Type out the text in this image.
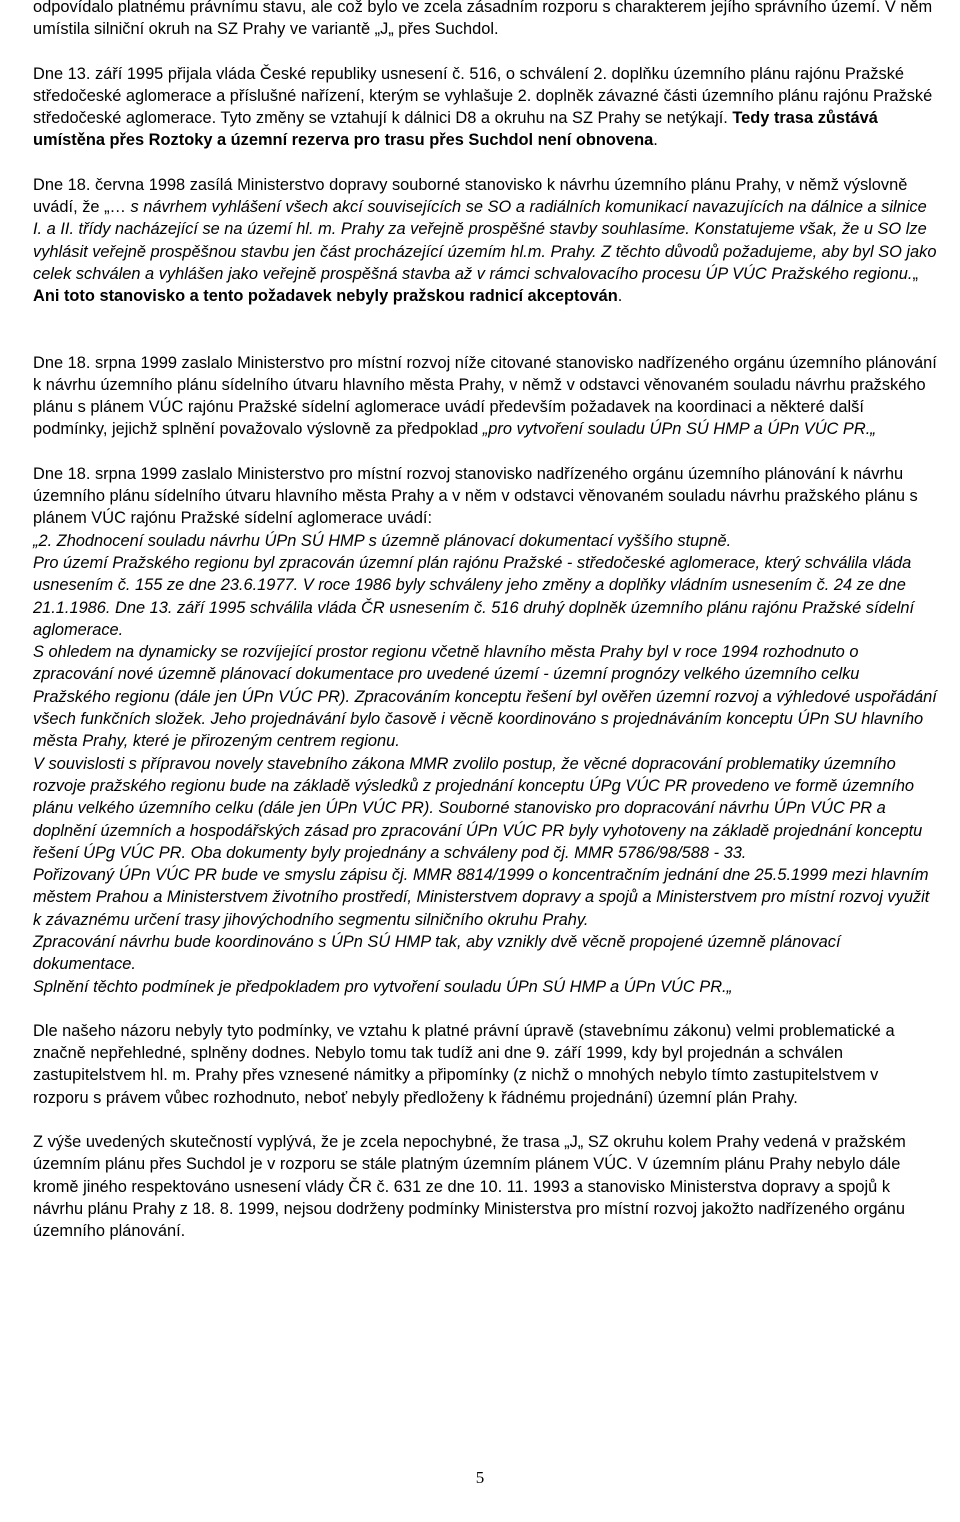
odpovídalo platnému právnímu stavu, ale což bylo ve zcela zásadním rozporu s charakterem jejího správního území. V něm umístila silniční okruh na SZ Prahy ve variantě „J„ přes Suchdol.

Dne 13. září 1995 přijala vláda České republiky usnesení č. 516, o schválení 2. doplňku územního plánu rajónu Pražské středočeské aglomerace a příslušné nařízení, kterým se vyhlašuje 2. doplněk závazné části územního plánu rajónu Pražské středočeské aglomerace. Tyto změny se vztahují k dálnici D8 a okruhu na SZ Prahy se netýkají. Tedy trasa zůstává umístěna přes Roztoky a územní rezerva pro trasu přes Suchdol není obnovena.

Dne 18. června 1998 zasílá Ministerstvo dopravy souborné stanovisko k návrhu územního plánu Prahy, v němž výslovně uvádí, že „… s návrhem vyhlášení všech akcí souvisejících se SO a radiálních komunikací navazujících na dálnice a silnice I. a II. třídy nacházející se na území hl. m. Prahy za veřejně prospěšné stavby souhlasíme. Konstatujeme však, že u SO lze vyhlásit veřejně prospěšnou stavbu jen část procházející územím hl.m. Prahy. Z těchto důvodů požadujeme, aby byl SO jako celek schválen a vyhlášen jako veřejně prospěšná stavba až v rámci schvalovacího procesu ÚP VÚC Pražského regionu.„ Ani toto stanovisko a tento požadavek nebyly pražskou radnicí akceptován.

Dne 18. srpna 1999 zaslalo Ministerstvo pro místní rozvoj níže citované stanovisko nadřízeného orgánu územního plánování k návrhu územního plánu sídelního útvaru hlavního města Prahy, v němž v odstavci věnovaném souladu návrhu pražského plánu s plánem VÚC rajónu Pražské sídelní aglomerace uvádí především požadavek na koordinaci a některé další podmínky, jejichž splnění považovalo výslovně za předpoklad „pro vytvoření souladu ÚPn SÚ HMP a ÚPn VÚC PR.„

Dne 18. srpna 1999 zaslalo Ministerstvo pro místní rozvoj stanovisko nadřízeného orgánu územního plánování k návrhu územního plánu sídelního útvaru hlavního města Prahy a v něm v odstavci věnovaném souladu návrhu pražského plánu s plánem VÚC rajónu Pražské sídelní aglomerace uvádí:
„2. Zhodnocení souladu návrhu ÚPn SÚ HMP s územně plánovací dokumentací vyššího stupně.
Pro území Pražského regionu byl zpracován územní plán rajónu Pražské - středočeské aglomerace, který schválila vláda usnesením č. 155 ze dne 23.6.1977. V roce 1986 byly schváleny jeho změny a doplňky vládním usnesením č. 24 ze dne 21.1.1986. Dne 13. září 1995 schválila vláda ČR usnesením č. 516 druhý doplněk územního plánu rajónu Pražské sídelní aglomerace.
S ohledem na dynamicky se rozvíjející prostor regionu včetně hlavního města Prahy byl v roce 1994 rozhodnuto o zpracování nové územně plánovací dokumentace pro uvedené území - územní prognózy velkého územního celku Pražského regionu (dále jen ÚPn VÚC PR). Zpracováním konceptu řešení byl ověřen územní rozvoj a výhledové uspořádání všech funkčních složek. Jeho projednávání bylo časově i věcně koordinováno s projednáváním konceptu ÚPn SU hlavního města Prahy, které je přirozeným centrem regionu.
V souvislosti s přípravou novely stavebního zákona MMR zvolilo postup, že věcné dopracování problematiky územního rozvoje pražského regionu bude na základě výsledků z projednání konceptu ÚPg VÚC PR provedeno ve formě územního plánu velkého územního celku (dále jen ÚPn VÚC PR). Souborné stanovisko pro dopracování návrhu ÚPn VÚC PR a doplnění územních a hospodářských zásad pro zpracování ÚPn VÚC PR byly vyhotoveny na základě projednání konceptu řešení ÚPg VÚC PR. Oba dokumenty byly projednány a schváleny pod čj. MMR 5786/98/588 - 33.
Pořizovaný ÚPn VÚC PR bude ve smyslu zápisu čj. MMR 8814/1999 o koncentračním jednání dne 25.5.1999 mezi hlavním městem Prahou a Ministerstvem životního prostředí, Ministerstvem dopravy a spojů a Ministerstvem pro místní rozvoj využit k závaznému určení trasy jihovýchodního segmentu silničního okruhu Prahy.
Zpracování návrhu bude koordinováno s ÚPn SÚ HMP tak, aby vznikly dvě věcně propojené územně plánovací dokumentace.
Splnění těchto podmínek je předpokladem pro vytvoření souladu ÚPn SÚ HMP a ÚPn VÚC PR.„

Dle našeho názoru nebyly tyto podmínky, ve vztahu k platné právní úpravě (stavebnímu zákonu) velmi problematické a značně nepřehledné, splněny dodnes. Nebylo tomu tak tudíž ani dne 9. září 1999, kdy byl projednán a schválen zastupitelstvem hl. m. Prahy přes vznesené námitky a připomínky (z nichž o mnohých nebylo tímto zastupitelstvem v rozporu s právem vůbec rozhodnuto, neboť nebyly předloženy k řádnému projednání) územní plán Prahy.

Z výše uvedených skutečností vyplývá, že je zcela nepochybné, že trasa „J„ SZ okruhu kolem Prahy vedená v pražském územním plánu přes Suchdol je v rozporu se stále platným územním plánem VÚC. V územním plánu Prahy nebylo dále kromě jiného respektováno usnesení vlády ČR č. 631 ze dne 10. 11. 1993 a stanovisko Ministerstva dopravy a spojů k návrhu plánu Prahy z 18. 8. 1999, nejsou dodrženy podmínky Ministerstva pro místní rozvoj jakožto nadřízeného orgánu územního plánování.

5
